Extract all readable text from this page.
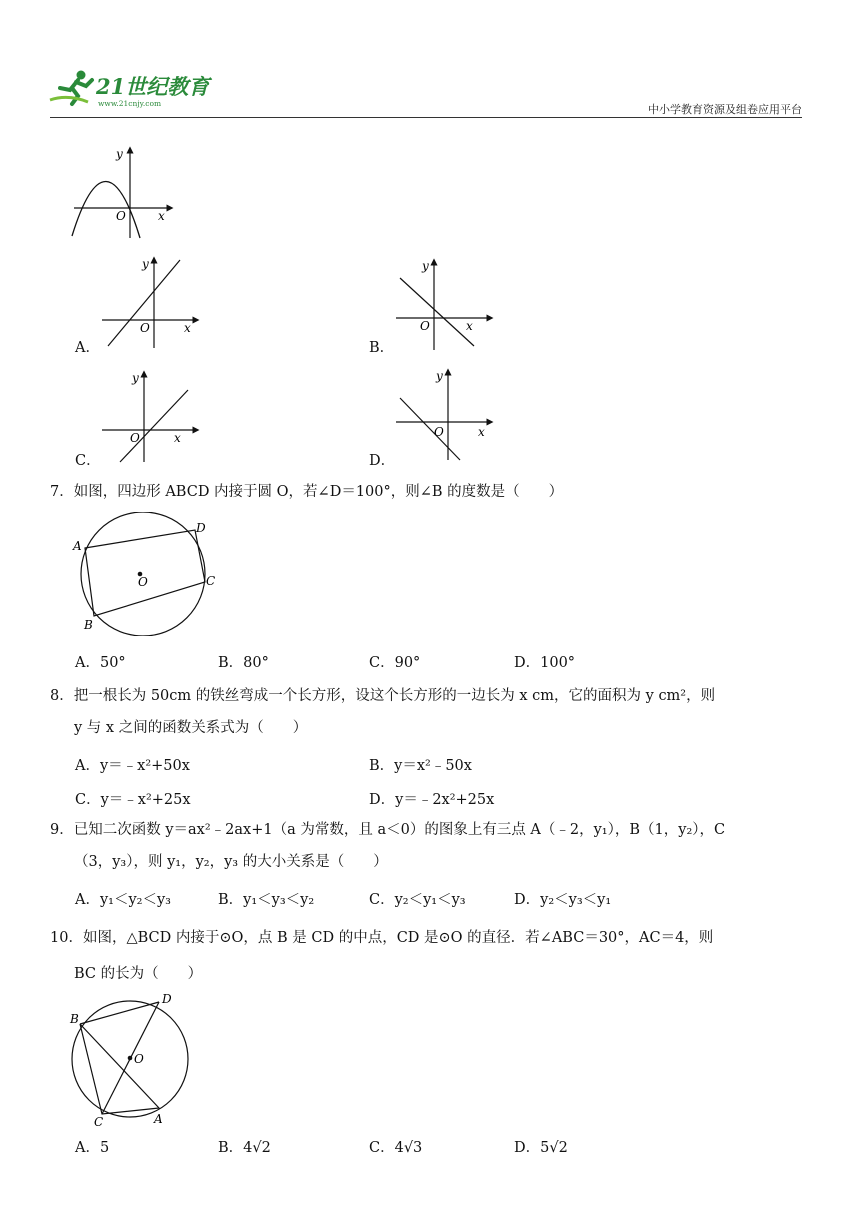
21世纪教育
www.21cnjy.com	中小学教育资源及组卷应用平台
y
x
O
A．
y
x
O
B．
y
x
O
C．
y
x
O
D．
y
x
O
7．如图，四边形 ABCD 内接于圆 O，若∠D＝100°，则∠B 的度数是（　　）
A
D
C
B
O
A．50°	B．80°	C．90°	D．100°
8．把一根长为 50cm 的铁丝弯成一个长方形，设这个长方形的一边长为 x cm，它的面积为 y cm²，则
y 与 x 之间的函数关系式为（　　）
A．y＝﹣x²+50x	B．y＝x²﹣50x
C．y＝﹣x²+25x	D．y＝﹣2x²+25x
9．已知二次函数 y＝ax²﹣2ax+1（a 为常数，且 a＜0）的图象上有三点 A（﹣2，y₁），B（1，y₂），C
（3，y₃），则 y₁，y₂，y₃ 的大小关系是（　　）
A．y₁＜y₂＜y₃	B．y₁＜y₃＜y₂	C．y₂＜y₁＜y₃	D．y₂＜y₃＜y₁
10．如图，△BCD 内接于⊙O，点 B 是 CD 的中点，CD 是⊙O 的直径．若∠ABC＝30°，AC＝4，则
BC 的长为（　　）
B
D
O
C	A
A．5	B．4√2	C．4√3	D．5√2
